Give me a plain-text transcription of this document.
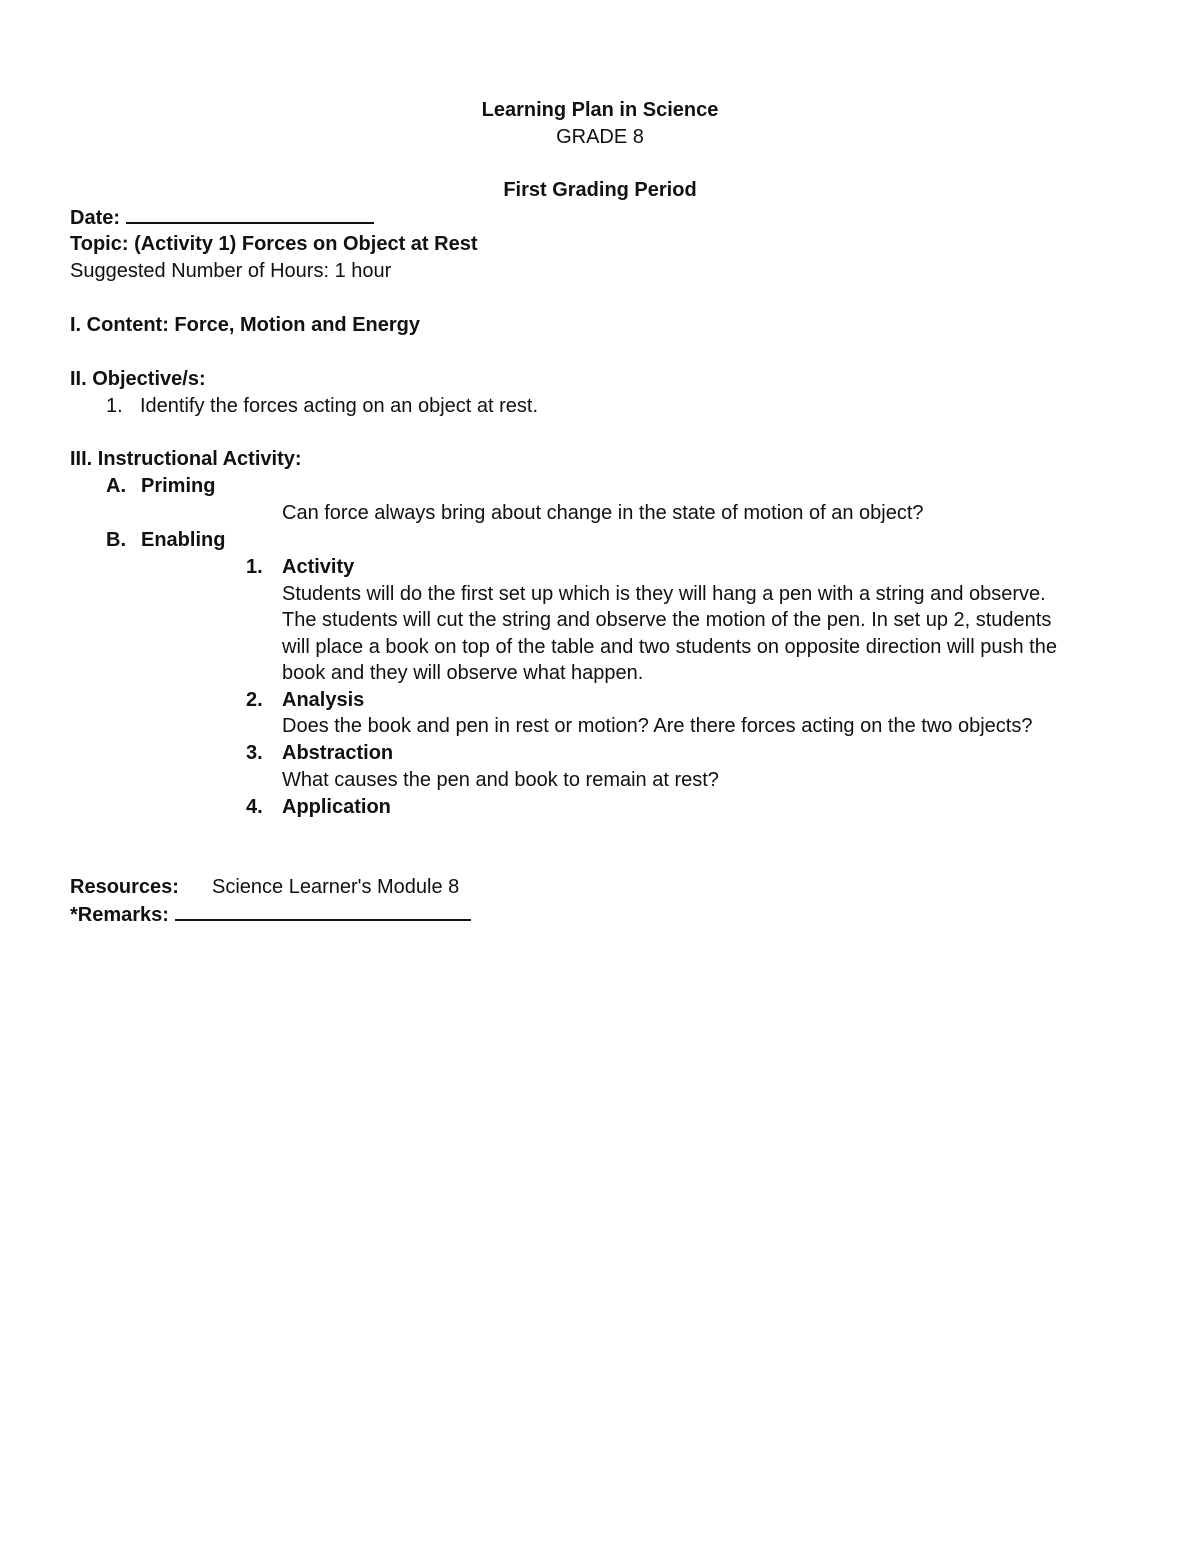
Learning Plan in Science
GRADE 8
First Grading Period
Date:
Topic: (Activity 1) Forces on Object at Rest
Suggested Number of Hours: 1 hour
I. Content: Force, Motion and Energy
II. Objective/s:
1. Identify the forces acting on an object at rest.
III. Instructional Activity:
A. Priming
Can force always bring about change in the state of motion of an object?
B. Enabling
1. Activity
Students will do the first set up which is they will hang a pen with a string and observe.
The students will cut the string and observe the motion of the pen. In set up 2, students
will place a book on top of the table and two students on opposite direction will push the
book and they will observe what happen.
2. Analysis
Does the book and pen in rest or motion? Are there forces acting on the two objects?
3. Abstraction
What causes the pen and book to remain at rest?
4. Application
Resources: Science Learner's Module 8
*Remarks:
